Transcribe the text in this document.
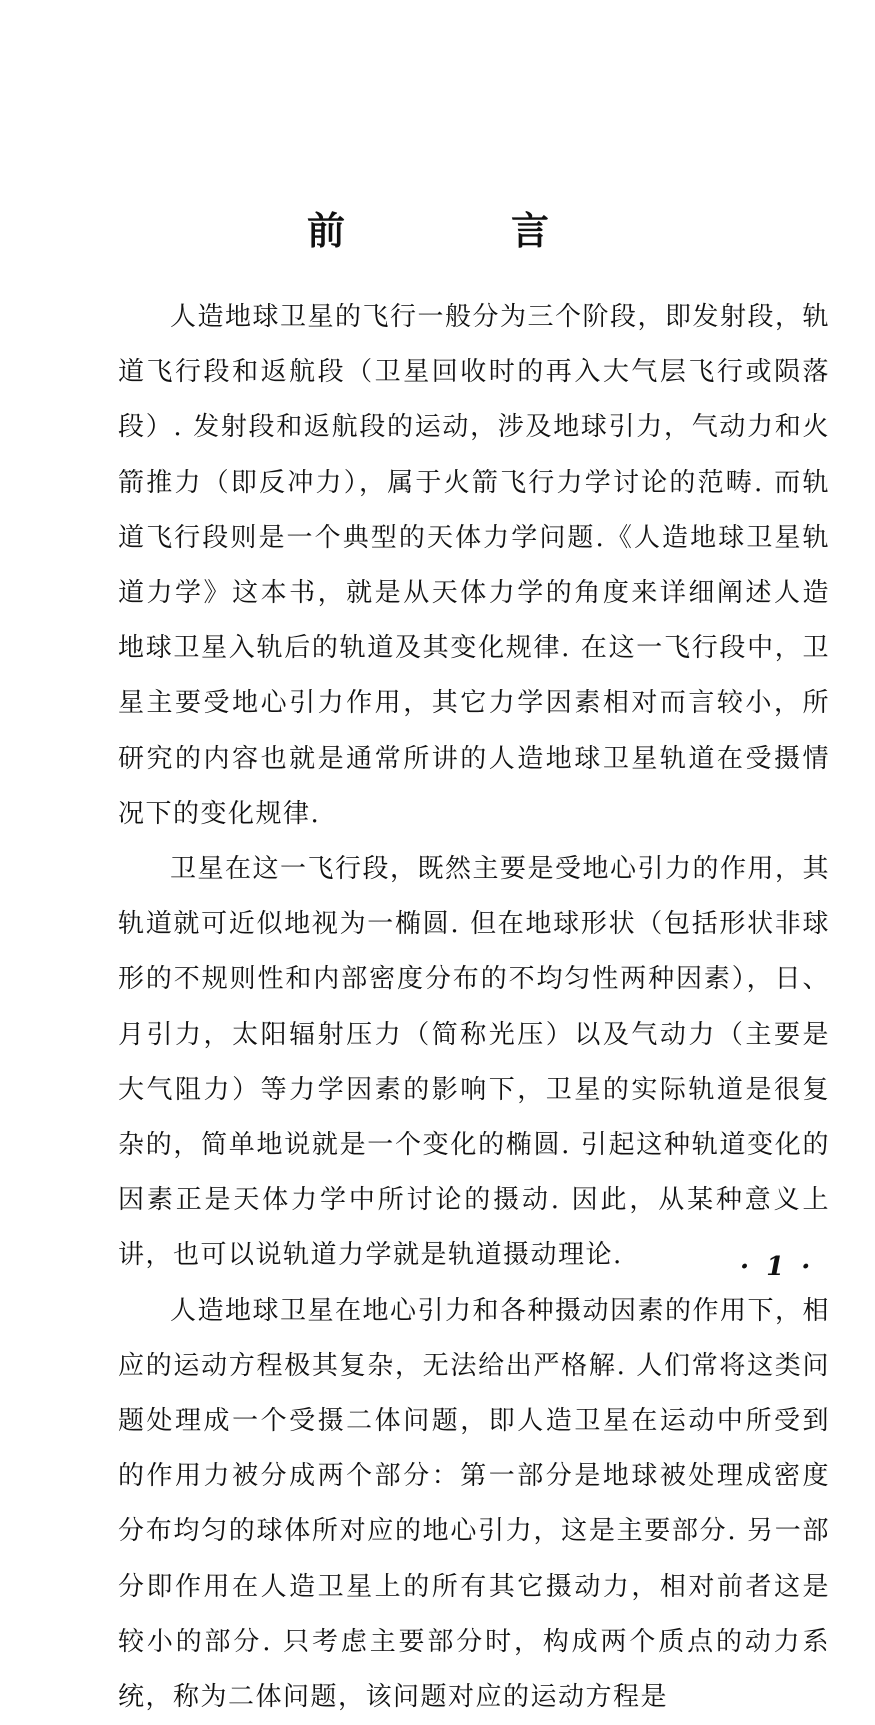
前　言

人造地球卫星的飞行一般分为三个阶段，即发射段，轨道飞行段和返航段（卫星回收时的再入大气层飞行或陨落段）. 发射段和返航段的运动，涉及地球引力，气动力和火箭推力（即反冲力），属于火箭飞行力学讨论的范畴. 而轨道飞行段则是一个典型的天体力学问题.《人造地球卫星轨道力学》这本书，就是从天体力学的角度来详细阐述人造地球卫星入轨后的轨道及其变化规律. 在这一飞行段中，卫星主要受地心引力作用，其它力学因素相对而言较小，所研究的内容也就是通常所讲的人造地球卫星轨道在受摄情况下的变化规律.

卫星在这一飞行段，既然主要是受地心引力的作用，其轨道就可近似地视为一椭圆. 但在地球形状（包括形状非球形的不规则性和内部密度分布的不均匀性两种因素），日、月引力，太阳辐射压力（简称光压）以及气动力（主要是大气阻力）等力学因素的影响下，卫星的实际轨道是很复杂的，简单地说就是一个变化的椭圆. 引起这种轨道变化的因素正是天体力学中所讨论的摄动. 因此，从某种意义上讲，也可以说轨道力学就是轨道摄动理论.

人造地球卫星在地心引力和各种摄动因素的作用下，相应的运动方程极其复杂，无法给出严格解. 人们常将这类问题处理成一个受摄二体问题，即人造卫星在运动中所受到的作用力被分成两个部分：第一部分是地球被处理成密度分布均匀的球体所对应的地心引力，这是主要部分. 另一部分即作用在人造卫星上的所有其它摄动力，相对前者这是较小的部分. 只考虑主要部分时，构成两个质点的动力系统，称为二体问题，该问题对应的运动方程是

· 1 ·
